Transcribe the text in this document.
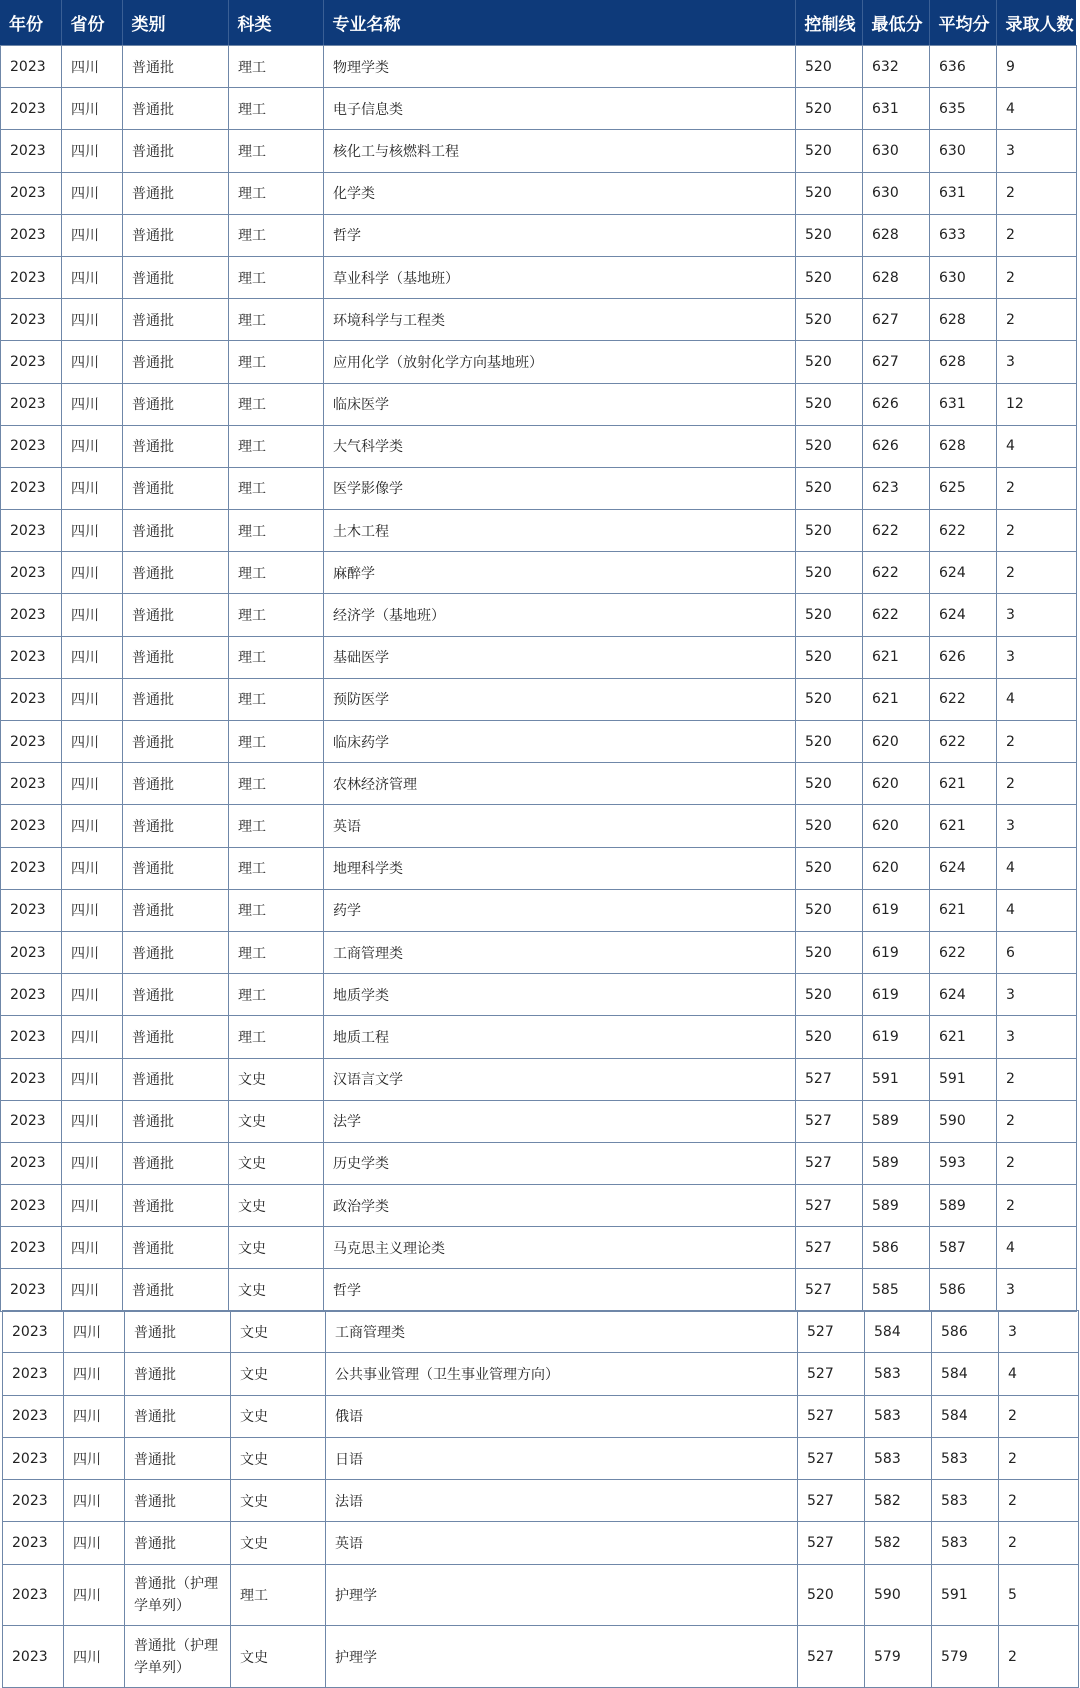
年份	省份	类别	科类	专业名称	控制线	最低分	平均分	录取人数
2023	四川	普通批	理工	物理学类	520	632	636	9
2023	四川	普通批	理工	电子信息类	520	631	635	4
2023	四川	普通批	理工	核化工与核燃料工程	520	630	630	3
2023	四川	普通批	理工	化学类	520	630	631	2
2023	四川	普通批	理工	哲学	520	628	633	2
2023	四川	普通批	理工	草业科学（基地班）	520	628	630	2
2023	四川	普通批	理工	环境科学与工程类	520	627	628	2
2023	四川	普通批	理工	应用化学（放射化学方向基地班）	520	627	628	3
2023	四川	普通批	理工	临床医学	520	626	631	12
2023	四川	普通批	理工	大气科学类	520	626	628	4
2023	四川	普通批	理工	医学影像学	520	623	625	2
2023	四川	普通批	理工	土木工程	520	622	622	2
2023	四川	普通批	理工	麻醉学	520	622	624	2
2023	四川	普通批	理工	经济学（基地班）	520	622	624	3
2023	四川	普通批	理工	基础医学	520	621	626	3
2023	四川	普通批	理工	预防医学	520	621	622	4
2023	四川	普通批	理工	临床药学	520	620	622	2
2023	四川	普通批	理工	农林经济管理	520	620	621	2
2023	四川	普通批	理工	英语	520	620	621	3
2023	四川	普通批	理工	地理科学类	520	620	624	4
2023	四川	普通批	理工	药学	520	619	621	4
2023	四川	普通批	理工	工商管理类	520	619	622	6
2023	四川	普通批	理工	地质学类	520	619	624	3
2023	四川	普通批	理工	地质工程	520	619	621	3
2023	四川	普通批	文史	汉语言文学	527	591	591	2
2023	四川	普通批	文史	法学	527	589	590	2
2023	四川	普通批	文史	历史学类	527	589	593	2
2023	四川	普通批	文史	政治学类	527	589	589	2
2023	四川	普通批	文史	马克思主义理论类	527	586	587	4
2023	四川	普通批	文史	哲学	527	585	586	3
2023	四川	普通批	文史	工商管理类	527	584	586	3
2023	四川	普通批	文史	公共事业管理（卫生事业管理方向）	527	583	584	4
2023	四川	普通批	文史	俄语	527	583	584	2
2023	四川	普通批	文史	日语	527	583	583	2
2023	四川	普通批	文史	法语	527	582	583	2
2023	四川	普通批	文史	英语	527	582	583	2
2023	四川	普通批（护理学单列）	理工	护理学	520	590	591	5
2023	四川	普通批（护理学单列）	文史	护理学	527	579	579	2
